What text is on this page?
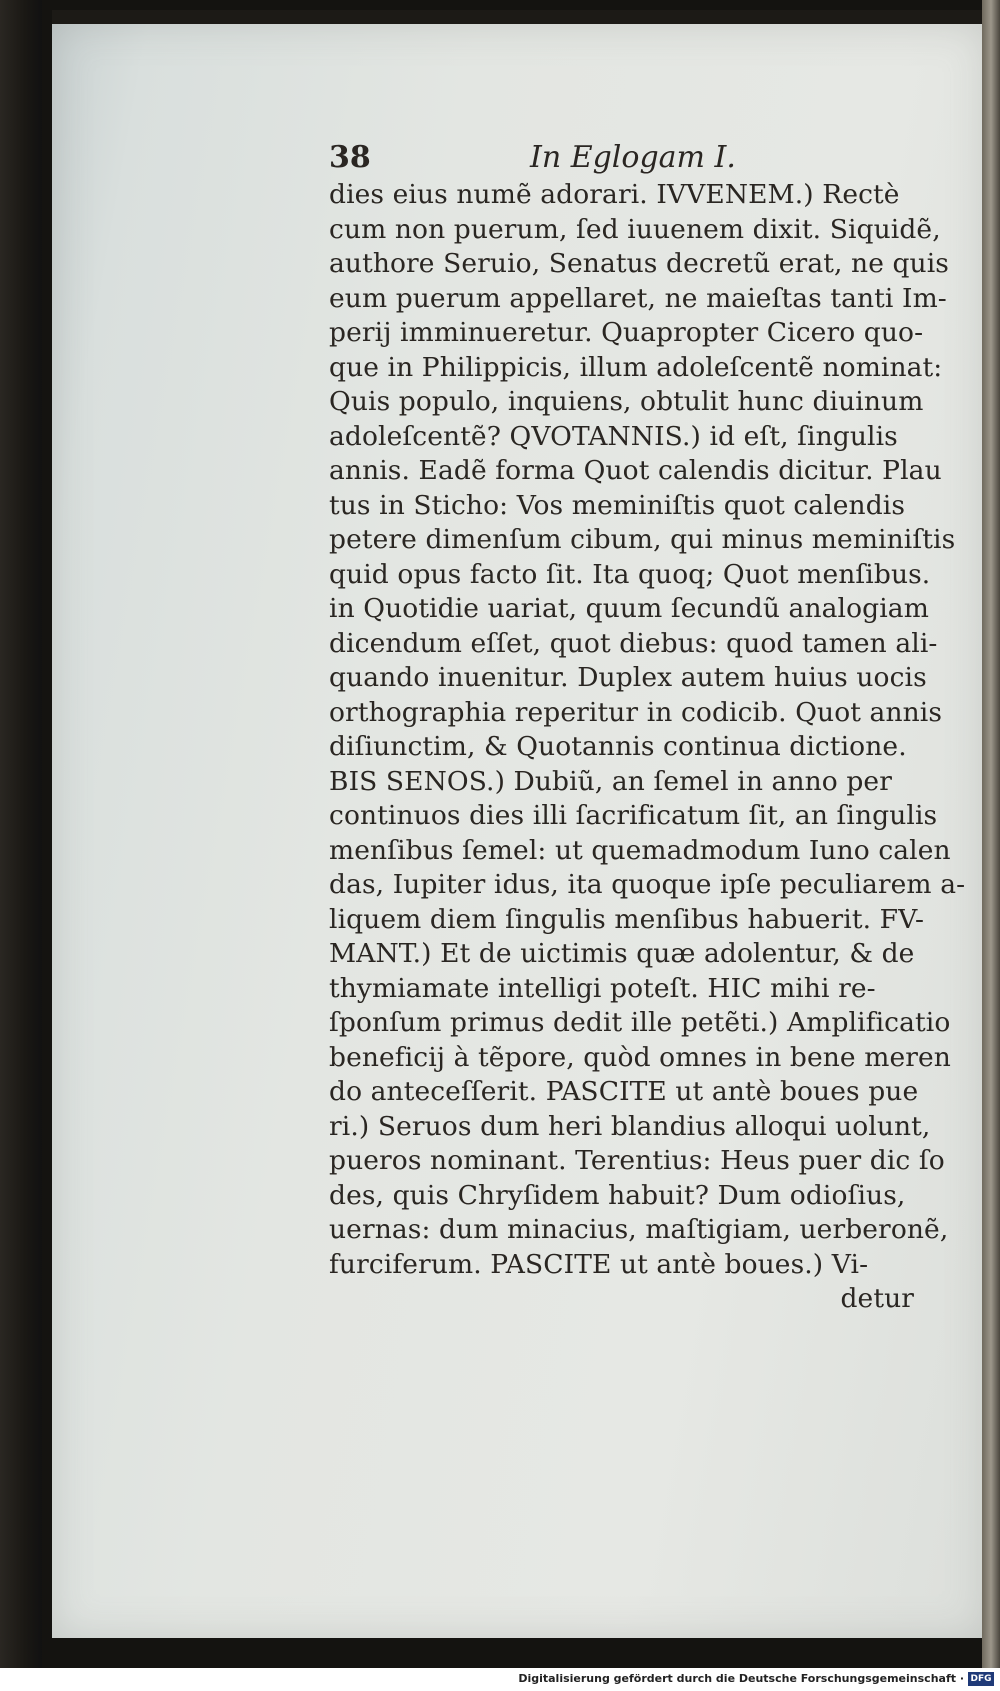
38	In Eglogam I.
dies eius numẽ adorari. IVVENEM.) Rectè
cum non puerum, ſed iuuenem dixit. Siquidẽ,
authore Seruio, Senatus decretũ erat, ne quis
eum puerum appellaret, ne maieſtas tanti Im-
perij imminueretur. Quapropter Cicero quo-
que in Philippicis, illum adoleſcentẽ nominat:
Quis populo, inquiens, obtulit hunc diuinum
adoleſcentẽ? QVOTANNIS.) id eſt, ſingulis
annis. Eadẽ forma Quot calendis dicitur. Plau
tus in Sticho: Vos meminiſtis quot calendis
petere dimenſum cibum, qui minus meminiſtis
quid opus facto ſit. Ita quoq; Quot menſibus.
in Quotidie uariat, quum ſecundũ analogiam
dicendum eſſet, quot diebus: quod tamen ali-
quando inuenitur. Duplex autem huius uocis
orthographia reperitur in codicib. Quot annis
diſiunctim, & Quotannis continua dictione.
BIS SENOS.) Dubiũ, an ſemel in anno per
continuos dies illi ſacrificatum ſit, an ſingulis
menſibus ſemel: ut quemadmodum Iuno calen
das, Iupiter idus, ita quoque ipſe peculiarem a-
liquem diem ſingulis menſibus habuerit. FV-
MANT.) Et de uictimis quæ adolentur, & de
thymiamate intelligi poteſt. HIC mihi re-
ſponſum primus dedit ille petẽti.) Amplificatio
beneficij à tẽpore, quòd omnes in bene meren
do anteceſſerit. PASCITE ut antè boues pue
ri.) Seruos dum heri blandius alloqui uolunt,
pueros nominant. Terentius: Heus puer dic ſo
des, quis Chryſidem habuit? Dum odioſius,
uernas: dum minacius, maſtigiam, uerberonẽ,
furciferum. PASCITE ut antè boues.) Vi-
detur
Digitalisierung gefördert durch die Deutsche Forschungsgemeinschaft · DFG
